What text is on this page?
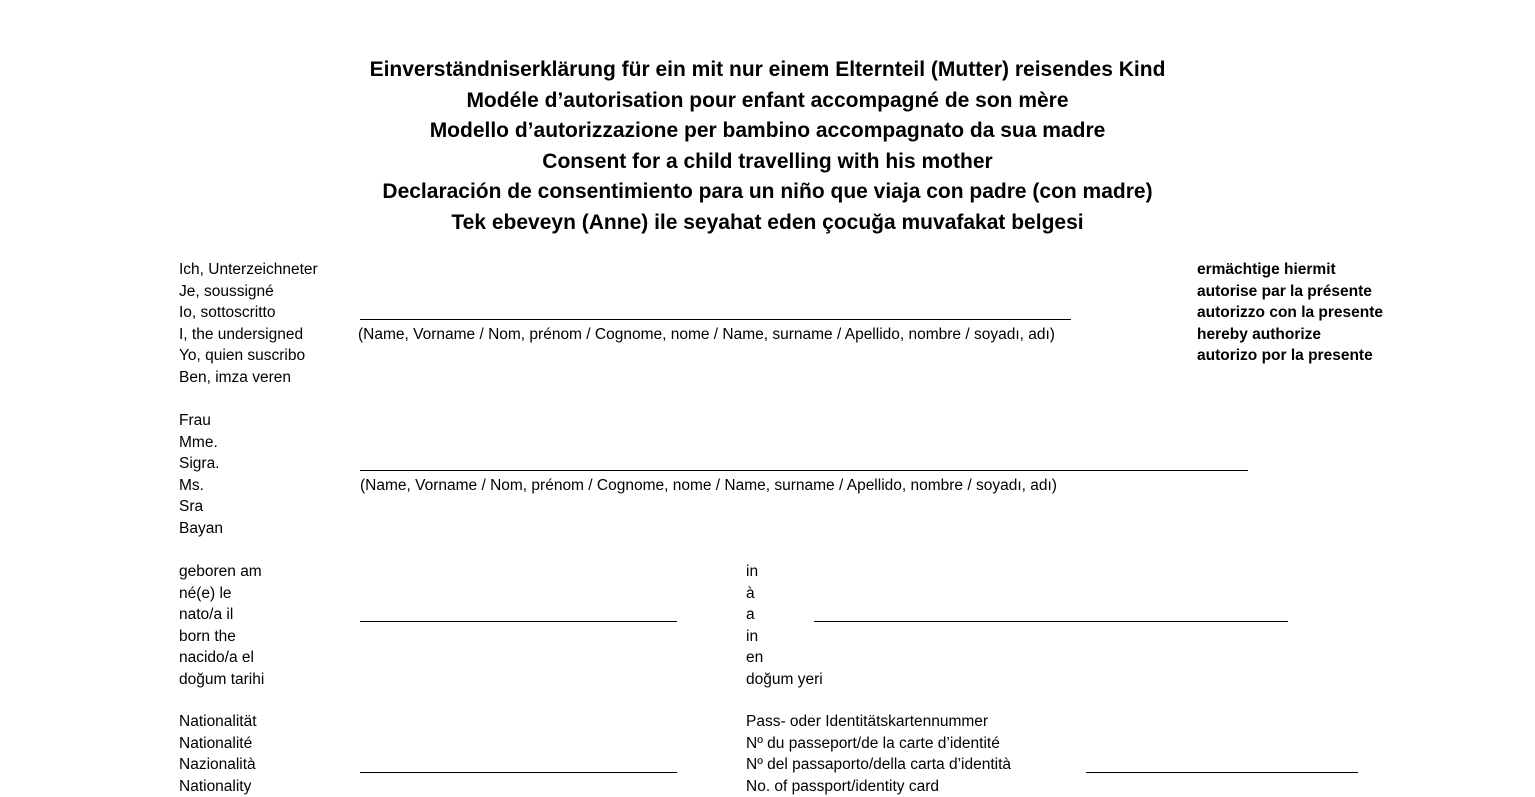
Einverständniserklärung für ein mit nur einem Elternteil (Mutter) reisendes Kind
Modéle d’autorisation pour enfant accompagné de son mère
Modello d’autorizzazione per bambino accompagnato da sua madre
Consent for a child travelling with his mother
Declaración de consentimiento para un niño que viaja con padre (con madre)
Tek ebeveyn (Anne) ile seyahat eden çocuğa muvafakat belgesi
Ich, Unterzeichneter
Je, soussigné
Io, sottoscritto
I, the undersigned
Yo, quien suscribo
Ben, imza veren
(Name, Vorname / Nom, prénom / Cognome, nome / Name, surname / Apellido, nombre / soyadı, adı)
ermächtige hiermit
autorise par la présente
autorizzo con la presente
hereby authorize
autorizo por la presente
Frau
Mme.
Sigra.
Ms.
Sra
Bayan
(Name, Vorname / Nom, prénom / Cognome, nome / Name, surname / Apellido, nombre / soyadı, adı)
geboren am
né(e) le
nato/a il
born the
nacido/a el
doğum tarihi
in
à
a
in
en
doğum yeri
Nationalität
Nationalité
Nazionalità
Nationality
Pass- oder Identitätskartennummer
Nº du passeport/de la carte d’identité
Nº del passaporto/della carta d’identità
No. of passport/identity card
